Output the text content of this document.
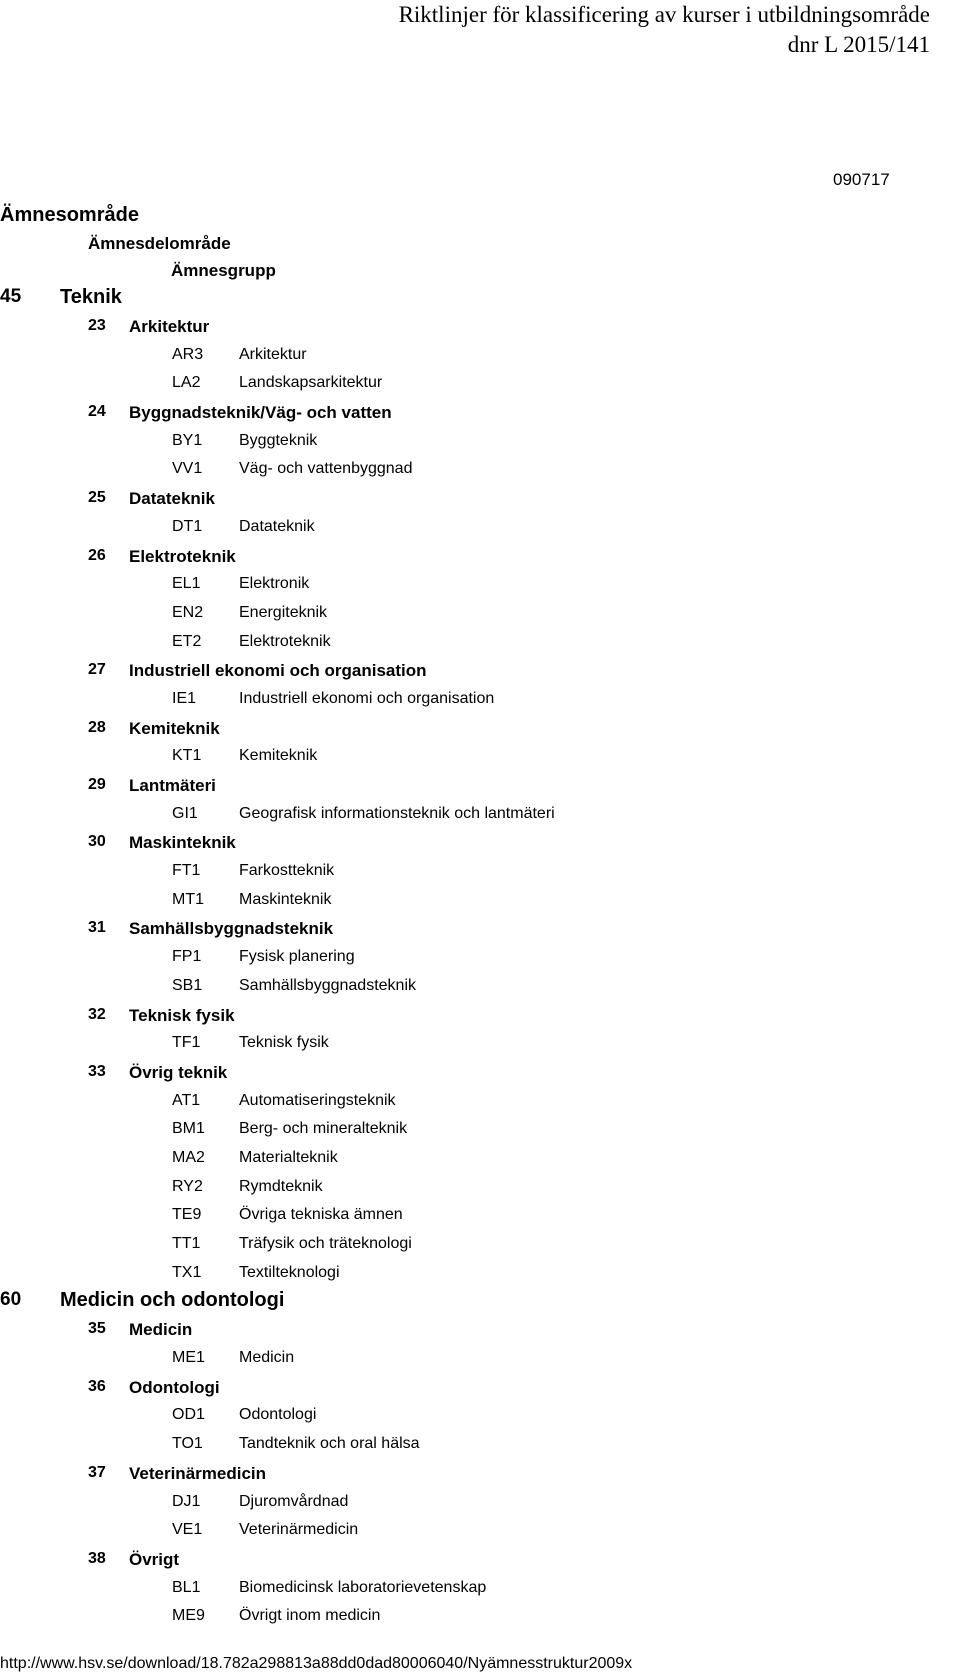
Riktlinjer för klassificering av kurser i utbildningsområde
dnr L 2015/141
090717
Ämnesområde
Ämnesdelområde
Ämnesgrupp
45 Teknik
23 Arkitektur
AR3 Arkitektur
LA2 Landskapsarkitektur
24 Byggnadsteknik/Väg- och vatten
BY1 Byggteknik
VV1 Väg- och vattenbyggnad
25 Datateknik
DT1 Datateknik
26 Elektroteknik
EL1 Elektronik
EN2 Energiteknik
ET2 Elektroteknik
27 Industriell ekonomi och organisation
IE1	Industriell ekonomi och organisation
28 Kemiteknik
KT1 Kemiteknik
29 Lantmäteri
GI1	Geografisk informationsteknik och lantmäteri
30 Maskinteknik
FT1 Farkostteknik
MT1 Maskinteknik
31 Samhällsbyggnadsteknik
FP1 Fysisk planering
SB1 Samhällsbyggnadsteknik
32 Teknisk fysik
TF1 Teknisk fysik
33 Övrig teknik
AT1 Automatiseringsteknik
BM1 Berg- och mineralteknik
MA2 Materialteknik
RY2 Rymdteknik
TE9 Övriga tekniska ämnen
TT1 Träfysik och träteknologi
TX1 Textilteknologi
60 Medicin och odontologi
35 Medicin
ME1 Medicin
36 Odontologi
OD1 Odontologi
TO1 Tandteknik och oral hälsa
37 Veterinärmedicin
DJ1 Djuromvårdnad
VE1 Veterinärmedicin
38 Övrigt
BL1 Biomedicinsk laboratorievetenskap
ME9 Övrigt inom medicin
http://www.hsv.se/download/18.782a298813a88dd0dad80006040/Nyämnesstruktur2009x
